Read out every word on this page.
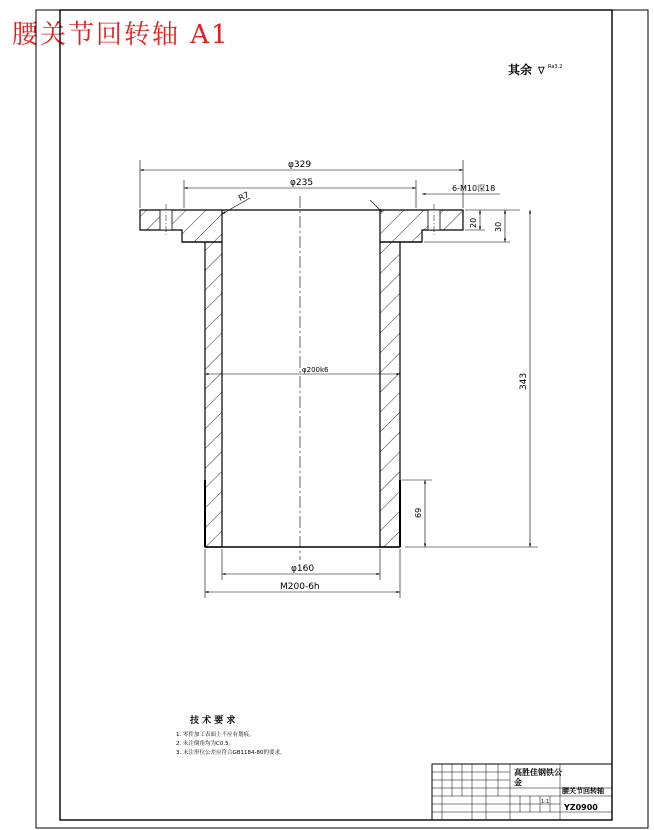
腰关节回转轴 A1
其余 ∇ Ra3.2
φ200k6
φ329
φ235
6-M10深18
R7
20 30
343
69
φ160
M200-6h
技 术 要 求
1. 零件加工表面上不应有划痕。
2. 未注倒角均为C0.5。
3. 未注形位公差应符合GB1184-80的要求。
高胜佳钢铁公
金
腰关节回转轴
YZ0900
1:1
